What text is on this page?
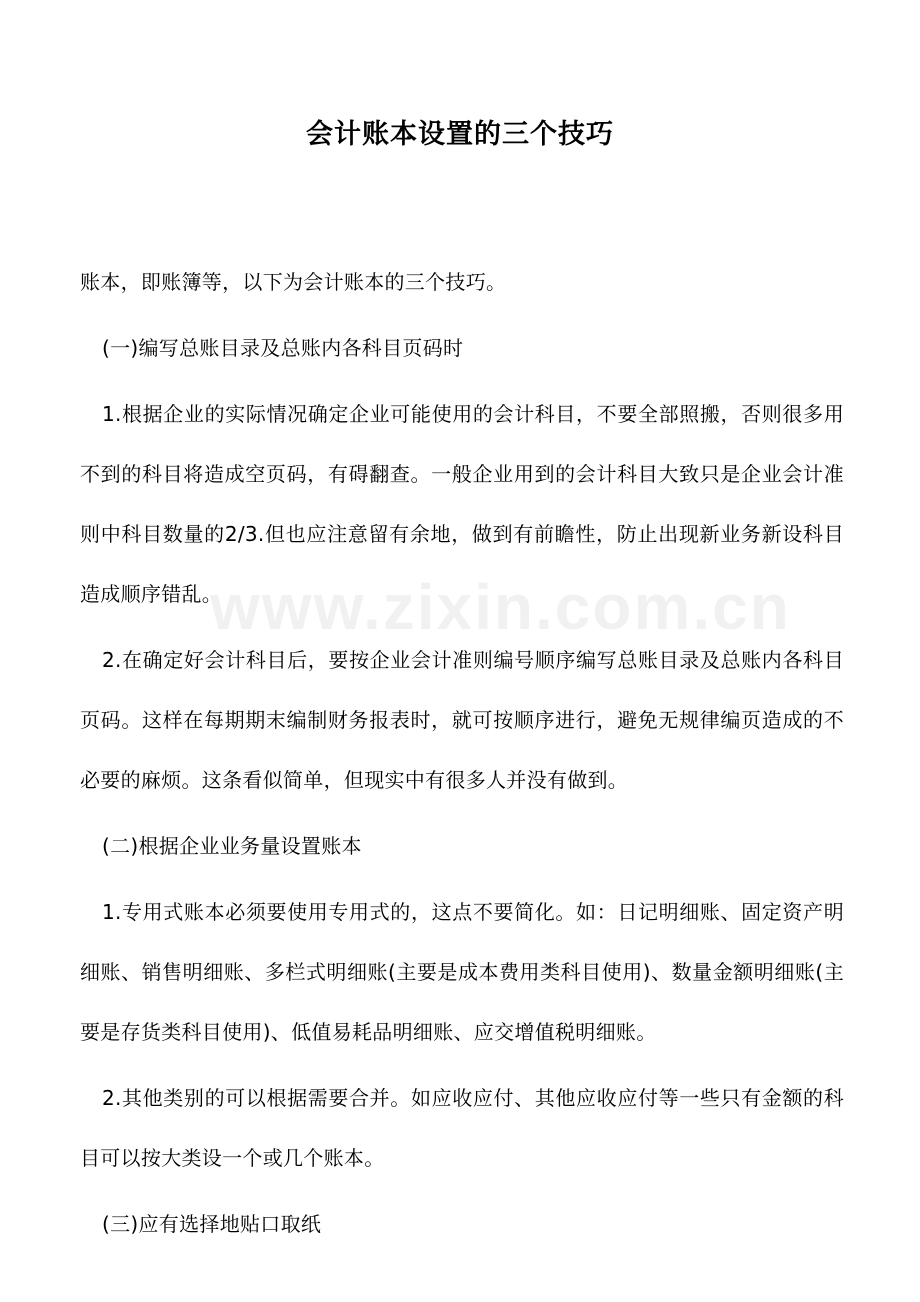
会计账本设置的三个技巧
www.zixin.com.cn

账本，即账簿等，以下为会计账本的三个技巧。

(一)编写总账目录及总账内各科目页码时

1.根据企业的实际情况确定企业可能使用的会计科目，不要全部照搬，否则很多用不到的科目将造成空页码，有碍翻查。一般企业用到的会计科目大致只是企业会计准则中科目数量的2/3.但也应注意留有余地，做到有前瞻性，防止出现新业务新设科目造成顺序错乱。

2.在确定好会计科目后，要按企业会计准则编号顺序编写总账目录及总账内各科目页码。这样在每期期末编制财务报表时，就可按顺序进行，避免无规律编页造成的不必要的麻烦。这条看似简单，但现实中有很多人并没有做到。

(二)根据企业业务量设置账本

1.专用式账本必须要使用专用式的，这点不要简化。如：日记明细账、固定资产明细账、销售明细账、多栏式明细账(主要是成本费用类科目使用)、数量金额明细账(主要是存货类科目使用)、低值易耗品明细账、应交增值税明细账。

2.其他类别的可以根据需要合并。如应收应付、其他应收应付等一些只有金额的科目可以按大类设一个或几个账本。

(三)应有选择地贴口取纸
